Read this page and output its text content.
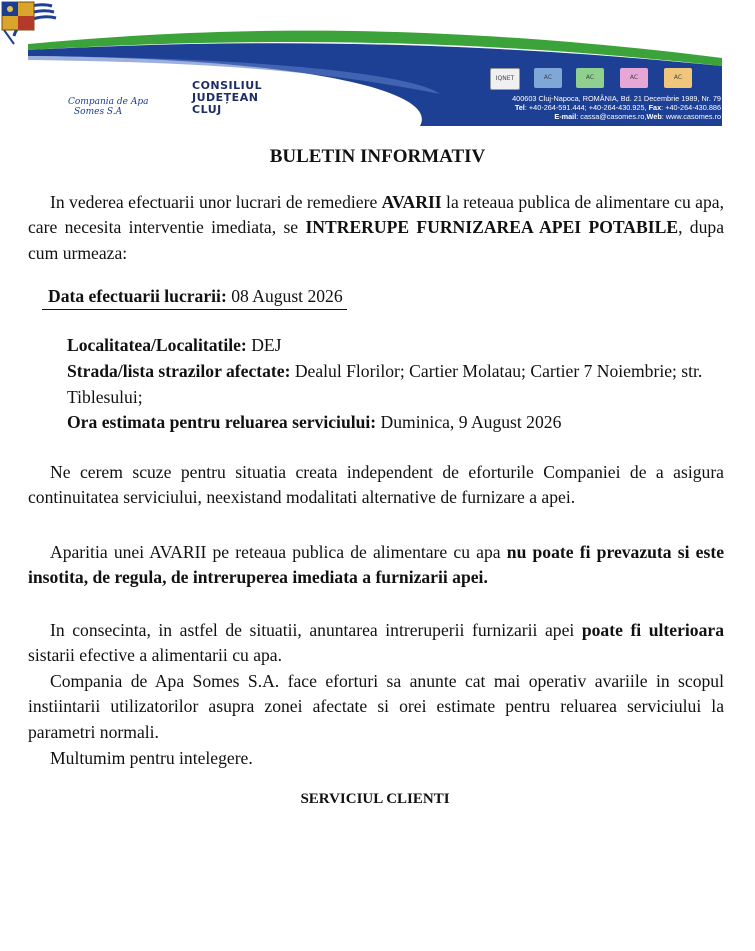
Compania de Apa
Somes S.A
CONSILIUL
JUDEȚEAN
CLUJ
IQNET	AC	AC	AC	AC
400603 Cluj-Napoca, ROMÂNIA, Bd. 21 Decembrie 1989, Nr. 79
Tel: +40-264-591.444; +40-264-430.925, Fax: +40-264-430.886
E-mail: cassa@casomes.ro,Web: www.casomes.ro
BULETIN INFORMATIV

In vederea efectuarii unor lucrari de remediere AVARII la reteaua publica de alimentare cu apa, care necesita interventie imediata, se INTRERUPE FURNIZAREA APEI POTABILE, dupa cum urmeaza:

Data efectuarii lucrarii: 08 August 2026
Localitatea/Localitatile: DEJ
Strada/lista strazilor afectate: Dealul Florilor; Cartier Molatau; Cartier 7 Noiembrie; str. Tiblesului;
Ora estimata pentru reluarea serviciului: Duminica, 9 August 2026

Ne cerem scuze pentru situatia creata independent de eforturile Companiei de a asigura continuitatea serviciului, neexistand modalitati alternative de furnizare a apei.

Aparitia unei AVARII pe reteaua publica de alimentare cu apa nu poate fi prevazuta si este insotita, de regula, de intreruperea imediata a furnizarii apei.

In consecinta, in astfel de situatii, anuntarea intreruperii furnizarii apei poate fi ulterioara sistarii efective a alimentarii cu apa.

Compania de Apa Somes S.A. face eforturi sa anunte cat mai operativ avariile in scopul instiintarii utilizatorilor asupra zonei afectate si orei estimate pentru reluarea serviciului la parametri normali.

Multumim pentru intelegere.

SERVICIUL CLIENTI
